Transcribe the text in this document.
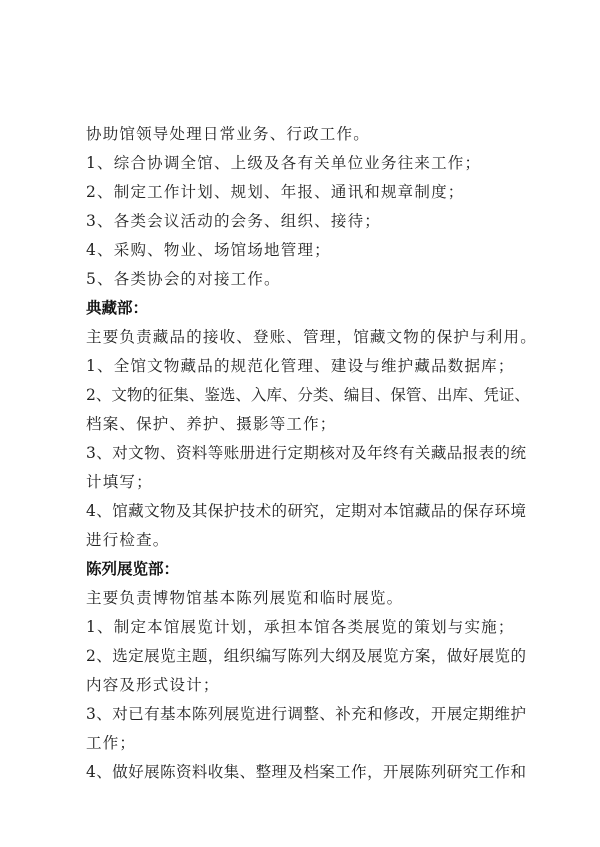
协助馆领导处理日常业务、行政工作。
1、综合协调全馆、上级及各有关单位业务往来工作；
2、制定工作计划、规划、年报、通讯和规章制度；
3、各类会议活动的会务、组织、接待；
4、采购、物业、场馆场地管理；
5、各类协会的对接工作。
典藏部：
主要负责藏品的接收、登账、管理，馆藏文物的保护与利用。
1、全馆文物藏品的规范化管理、建设与维护藏品数据库；
2、文物的征集、鉴选、入库、分类、编目、保管、出库、凭证、
档案、保护、养护、摄影等工作；
3、对文物、资料等账册进行定期核对及年终有关藏品报表的统
计填写；
4、馆藏文物及其保护技术的研究，定期对本馆藏品的保存环境
进行检查。
陈列展览部：
主要负责博物馆基本陈列展览和临时展览。
1、制定本馆展览计划，承担本馆各类展览的策划与实施；
2、选定展览主题，组织编写陈列大纲及展览方案，做好展览的
内容及形式设计；
3、对已有基本陈列展览进行调整、补充和修改，开展定期维护
工作；
4、做好展陈资料收集、整理及档案工作，开展陈列研究工作和
